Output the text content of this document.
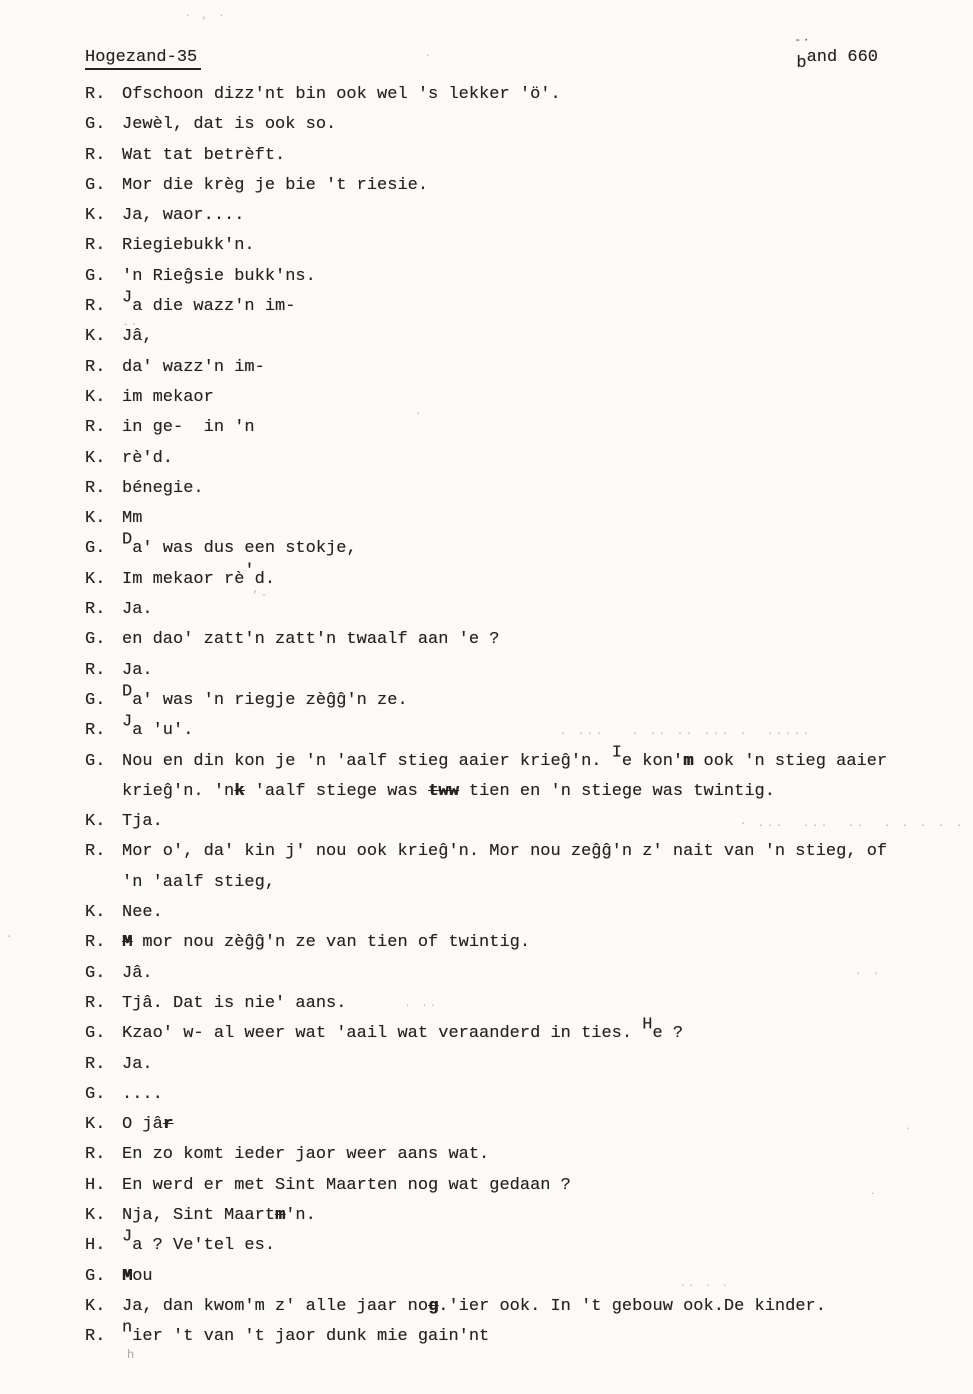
Hogezand-35
-·
band 660
R. Ofschoon dizz'nt bin ook wel 's lekker 'ö'.
G. Jewèl, dat is ook so.
R. Wat tat betrèft.
G. Mor die krèg je bie 't riesie.
K. Ja, waor....
R. Riegiebukk'n.
G. 'n Rieĝsie bukk'ns.
R. Ja die wazz'n im-
K. Jâ,
R. da' wazz'n im-
K. im mekaor
R. in ge-  in 'n
K. rè'd.
R. bénegie.
K. Mm
G. Da' was dus een stokje,
K. Im mekaor rè'd.
R. Ja.
G. en dao' zatt'n zatt'n twaalf aan 'e ?
R. Ja.
G. Da' was 'n riegje zèĝĝ'n ze.
R. Ja 'u'.
G. Nou en din kon je 'n 'aalf stieg aaier krieĝ'n. Ie kon'm ook 'n stieg aaier
krieĝ'n. 'nk 'aalf stiege was tww tien en 'n stiege was twintig.
K. Tja.
R. Mor o', da' kin j' nou ook krieĝ'n. Mor nou zeĝĝ'n z' nait van 'n stieg, of
'n 'aalf stieg,
K. Nee.
R. M mor nou zèĝĝ'n ze van tien of twintig.
G. Jâ.
R. Tjâ. Dat is nie' aans.
G. Kzao' w- al weer wat 'aail wat veraanderd in ties. He ?
R. Ja.
G. ....
K. O jâr
R. En zo komt ieder jaor weer aans wat.
H. En werd er met Sint Maarten nog wat gedaan ?
K. Nja, Sint Maartm'n.
H. Ja ? Ve'tel es.
G. Mou
K. Ja, dan kwom'm z' alle jaar nog.'ier ook. In 't gebouw ook.De kinder.
R. nier 't van 't jaor dunk mie gain'nt
· , ·
·
-·
.
’-
. ...   . .. .. ... .  .....
· ...  ...  ..  . . . . .
·
. .
· ··
·· · ·
·
·
h
